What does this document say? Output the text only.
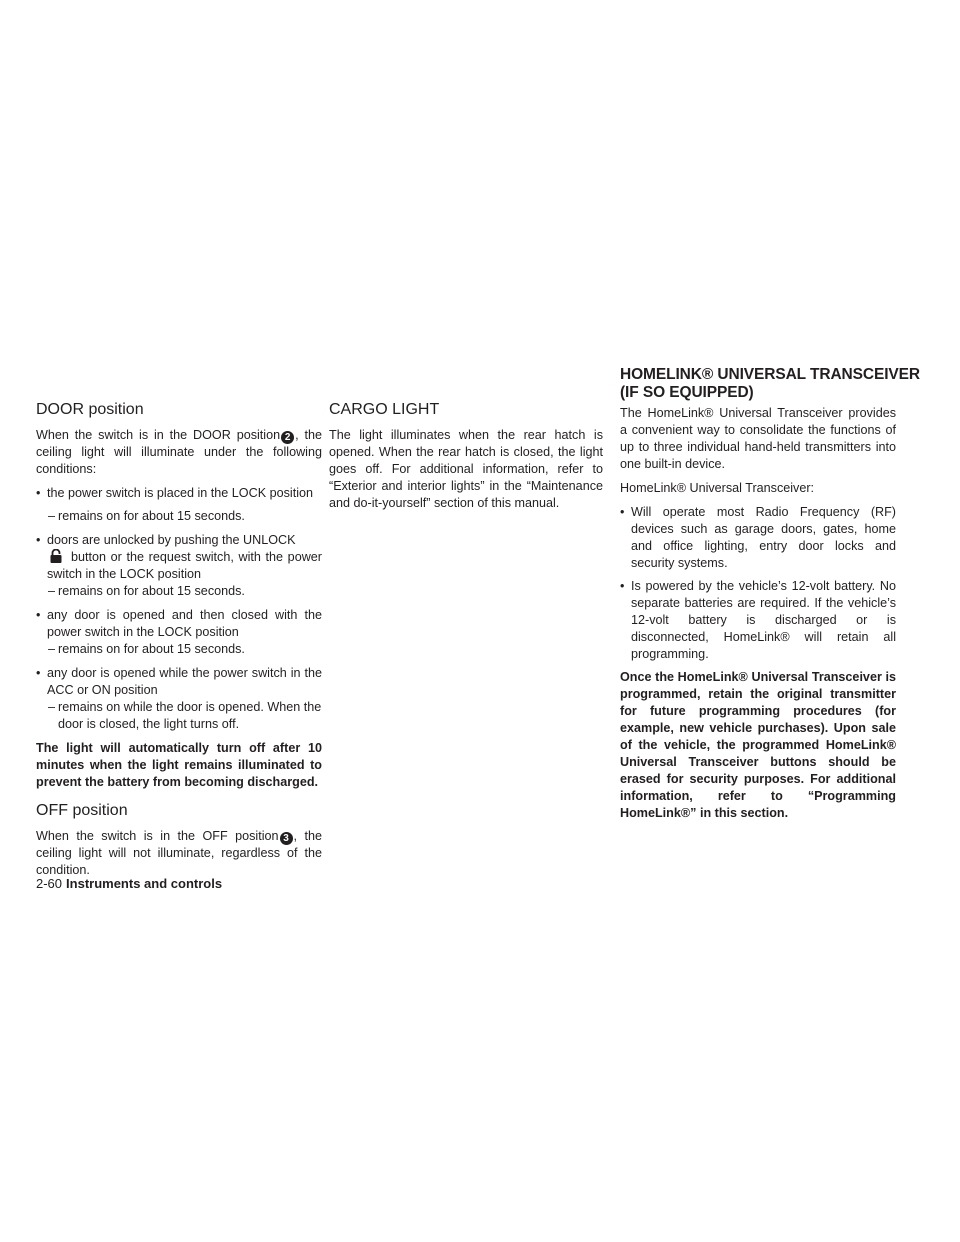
DOOR position

When the switch is in the DOOR position 2 , the ceiling light will illuminate under the following conditions:

• the power switch is placed in the LOCK position

– remains on for about 15 seconds.

• doors are unlocked by pushing the UNLOCK

button or the request switch, with the power switch in the LOCK position

– remains on for about 15 seconds.

• any door is opened and then closed with the power switch in the LOCK position

– remains on for about 15 seconds.

• any door is opened while the power switch in the ACC or ON position

– remains on while the door is opened. When the door is closed, the light turns off.

The light will automatically turn off after 10 minutes when the light remains illuminated to prevent the battery from becoming discharged.

OFF position

When the switch is in the OFF position 3 , the ceiling light will not illuminate, regardless of the condition.

CARGO LIGHT

The light illuminates when the rear hatch is opened. When the rear hatch is closed, the light goes off. For additional information, refer to “Exterior and interior lights” in the “Maintenance and do-it-yourself” section of this manual.

HOMELINK® UNIVERSAL TRANSCEIVER (IF SO EQUIPPED)

The HomeLink® Universal Transceiver provides a convenient way to consolidate the functions of up to three individual hand-held transmitters into one built-in device.

HomeLink® Universal Transceiver:

• Will operate most Radio Frequency (RF) devices such as garage doors, gates, home and office lighting, entry door locks and security systems.

• Is powered by the vehicle’s 12-volt battery. No separate batteries are required. If the vehicle’s 12-volt battery is discharged or is disconnected, HomeLink® will retain all programming.

Once the HomeLink® Universal Transceiver is programmed, retain the original transmitter for future programming procedures (for example, new vehicle purchases). Upon sale of the vehicle, the programmed HomeLink® Universal Transceiver buttons should be erased for security purposes. For additional information, refer to “Programming HomeLink®” in this section.

2-60 Instruments and controls
